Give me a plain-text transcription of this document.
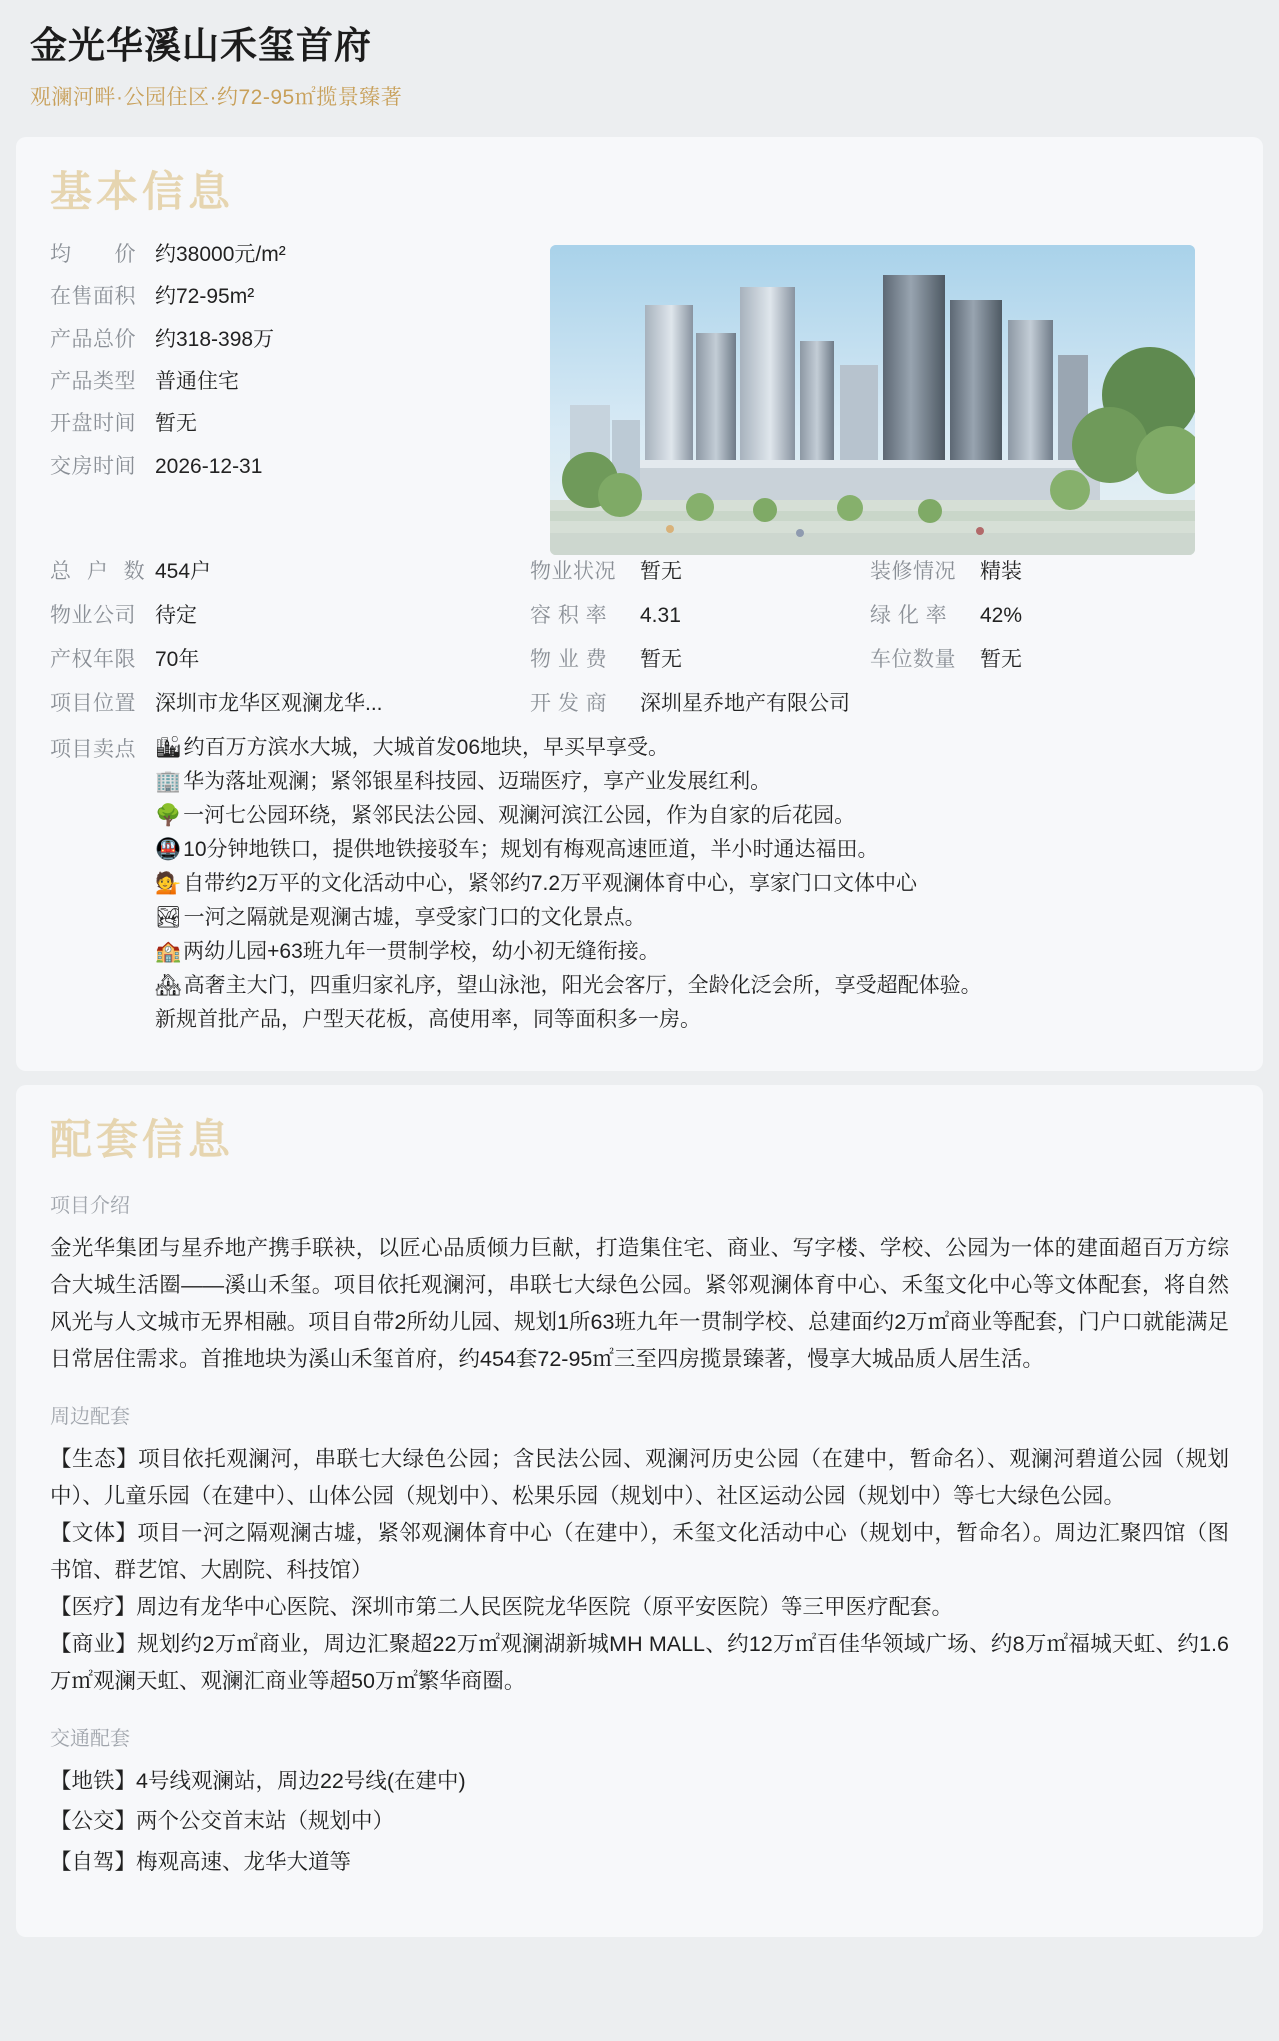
金光华溪山禾玺首府
观澜河畔·公园住区·约72-95㎡揽景臻著
基本信息
均　　价 约38000元/m²
在售面积 约72-95m²
产品总价 约318-398万
产品类型 普通住宅
开盘时间 暂无
交房时间 2026-12-31
总 户 数 454户	物业状况	暂无	装修情况	精装
物业公司 待定	容 积 率	4.31	绿 化 率	42%
产权年限 70年	物 业 费	暂无	车位数量	暂无
项目位置 深圳市龙华区观澜龙华...	开 发 商	深圳星乔地产有限公司
项目卖点 🏙约百万方滨水大城，大城首发06地块，早买早享受。
🏢华为落址观澜；紧邻银星科技园、迈瑞医疗，享产业发展红利。
🌳一河七公园环绕，紧邻民法公园、观澜河滨江公园，作为自家的后花园。
🚇10分钟地铁口，提供地铁接驳车；规划有梅观高速匝道，半小时通达福田。
💁自带约2万平的文化活动中心，紧邻约7.2万平观澜体育中心，享家门口文体中心
🏞一河之隔就是观澜古墟，享受家门口的文化景点。
🏫两幼儿园+63班九年一贯制学校，幼小初无缝衔接。
🏘高奢主大门，四重归家礼序，望山泳池，阳光会客厅，全龄化泛会所，享受超配体验。
新规首批产品，户型天花板，高使用率，同等面积多一房。
配套信息
项目介绍
金光华集团与星乔地产携手联袂，以匠心品质倾力巨献，打造集住宅、商业、写字楼、学校、公园为一体的建面超百万方综合大城生活圈——溪山禾玺。项目依托观澜河，串联七大绿色公园。紧邻观澜体育中心、禾玺文化中心等文体配套，将自然风光与人文城市无界相融。项目自带2所幼儿园、规划1所63班九年一贯制学校、总建面约2万㎡商业等配套，门户口就能满足日常居住需求。首推地块为溪山禾玺首府，约454套72-95㎡三至四房揽景臻著，慢享大城品质人居生活。
周边配套

【生态】项目依托观澜河，串联七大绿色公园；含民法公园、观澜河历史公园（在建中，暂命名）、观澜河碧道公园（规划中）、儿童乐园（在建中）、山体公园（规划中）、松果乐园（规划中）、社区运动公园（规划中）等七大绿色公园。

【文体】项目一河之隔观澜古墟，紧邻观澜体育中心（在建中），禾玺文化活动中心（规划中，暂命名）。周边汇聚四馆（图书馆、群艺馆、大剧院、科技馆）

【医疗】周边有龙华中心医院、深圳市第二人民医院龙华医院（原平安医院）等三甲医疗配套。

【商业】规划约2万㎡商业，周边汇聚超22万㎡观澜湖新城MH MALL、约12万㎡百佳华领域广场、约8万㎡福城天虹、约1.6万㎡观澜天虹、观澜汇商业等超50万㎡繁华商圈。

交通配套

【地铁】4号线观澜站，周边22号线(在建中)

【公交】两个公交首末站（规划中）

【自驾】梅观高速、龙华大道等
